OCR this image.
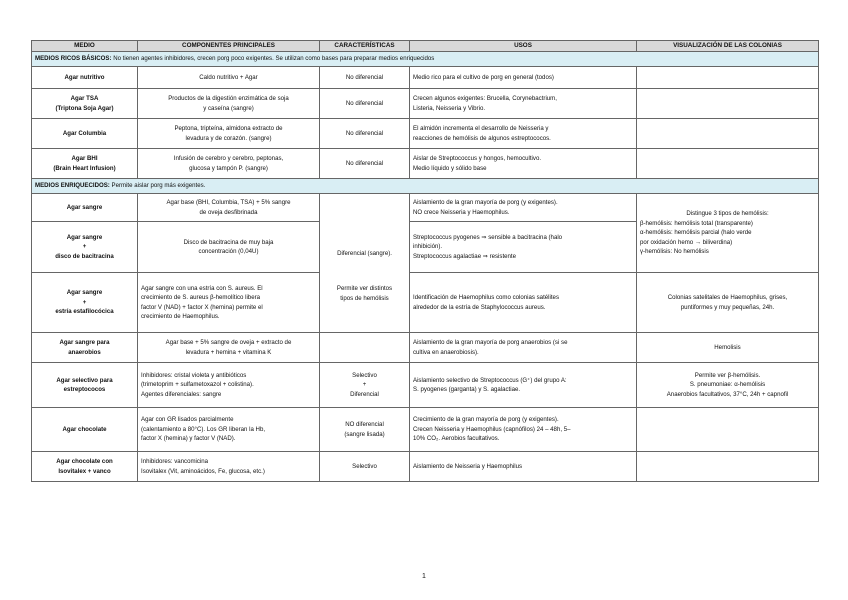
MEDIO	COMPONENTES PRINCIPALES	CARACTERÍSTICAS	USOS	VISUALIZACIÓN DE LAS COLONIAS
MEDIOS RICOS BÁSICOS: No tienen agentes inhibidores, crecen porg poco exigentes. Se utilizan como bases para preparar medios enriquecidos				

Agar nutritivo	Caldo nutritivo + Agar	No diferencial	Medio rico para el cultivo de porg en general (todos)	

Agar TSA
(Triptona Soja Agar)	Productos de la digestión enzimática de soja
y caseína (sangre)	No diferencial	Crecen algunos exigentes: Brucella, Corynebactrium,
Listeria, Neisseria y Vibrio.	

Agar Columbia	Peptona, tripteína, almidona extracto de
levadura y de corazón. (sangre)	No diferencial	El almidón incrementa el desarrollo de Neisseria y
reacciones de hemólisis de algunos estreptococos.	

Agar BHI
(Brain Heart Infusion)	Infusión de cerebro y cerebro, peptonas,
glucosa y tampón P. (sangre)	No diferencial	Aislar de Streptococcus y hongos, hemocultivo.
Medio líquido y sólido base	

MEDIOS ENRIQUECIDOS: Permite aislar porg más exigentes.				

Agar sangre	Agar base (BHI, Columbia, TSA) + 5% sangre
de oveja desfibrinada	Diferencial (sangre).
Permite ver distintos
tipos de hemólisis	Aislamiento de la gran mayoría de porg (y exigentes).
NO crece Neisseria y Haemophilus.	Distingue 3 tipos de hemólisis:
β-hemólisis: hemólisis total (transparente)
α-hemólisis: hemólisis parcial (halo verde
por oxidación hemo → biliverdina)
γ-hemólisis: No hemólisis

Agar sangre
+
disco de bacitracina	Disco de bacitracina de muy baja
concentración (0,04U)		Streptococcus pyogenes ⇒ sensible a bacitracina (halo
inhibición).
Streptococcus agalactiae ⇒ resistente	

Agar sangre
+
estría estafilocócica	Agar sangre con una estría con S. aureus. El
crecimiento de S. aureus β-hemolítico libera
factor V (NAD) + factor X (hemina) permite el
crecimiento de Haemophilus.		Identificación de Haemophilus como colonias satélites
alrededor de la estría de Staphylococcus aureus.	Colonias satelitales de Haemophilus, grises,
puntiformes y muy pequeñas, 24h.

Agar sangre para
anaerobios	Agar base + 5% sangre de oveja + extracto de
levadura + hemina + vitamina K		Aislamiento de la gran mayoría de porg anaerobios (si se
cultiva en anaerobiosis).	Hemolisis

Agar selectivo para
estreptococos	Inhibidores: cristal violeta y antibióticos
(trimetoprim + sulfametoxazol + colistina).
Agentes diferenciales: sangre	Selectivo
+
Diferencial	Aislamiento selectivo de Streptococcus (G⁺) del grupo A:
S. pyogenes (garganta) y S. agalactiae.	Permite ver β-hemólisis.
S. pneumoniae: α-hemólisis
Anaerobios facultativos, 37°C, 24h + capnofil

Agar chocolate	Agar con GR lisados parcialmente
(calentamiento a 80°C). Los GR liberan la Hb,
factor X (hemina) y factor V (NAD).	NO diferencial
(sangre lisada)	Crecimiento de la gran mayoría de porg (y exigentes).
Crecen Neisseria y Haemophilus (capnófilos) 24 – 48h, 5–
10% CO₂. Aerobios facultativos.	

Agar chocolate con
Isovitalex + vanco	Inhibidores: vancomicina
Isovitalex (Vit, aminoácidos, Fe, glucosa, etc.)	Selectivo	Aislamiento de Neisseria y Haemophilus	

1
